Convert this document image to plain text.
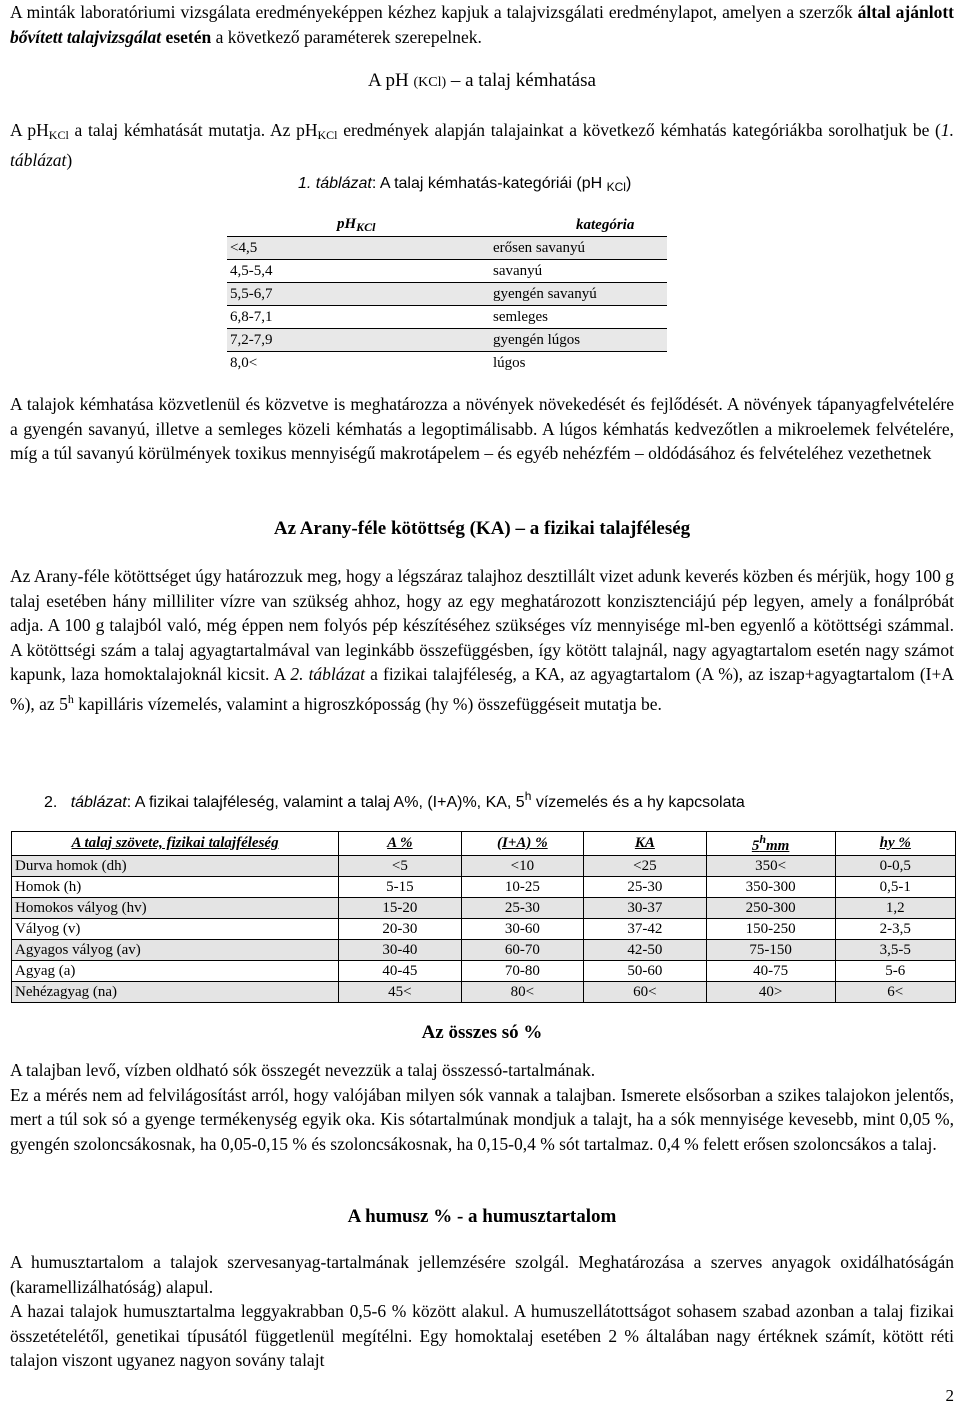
A minták laboratóriumi vizsgálata eredményeképpen kézhez kapjuk a talajvizsgálati eredménylapot, amelyen a szerzők által ajánlott bővített talajvizsgálat esetén a következő paraméterek szerepelnek.

A pH (KCl) – a talaj kémhatása

A $pH_{KCl}$ a talaj kémhatását mutatja. Az $pH_{KCl}$ eredmények alapján talajainkat a következő kémhatás kategóriákba sorolhatjuk be (1. táblázat)

1. táblázat: A talaj kémhatás-kategóriái (pH $_{KCl}$)
$pH_{KCl}$	kategória
<4,5	erősen savanyú
4,5-5,4	savanyú
5,5-6,7	gyengén savanyú
6,8-7,1	semleges
7,2-7,9	gyengén lúgos
8,0<	lúgos

A talajok kémhatása közvetlenül és közvetve is meghatározza a növények növekedését és fejlődését. A növények tápanyagfelvételére a gyengén savanyú, illetve a semleges közeli kémhatás a legoptimálisabb. A lúgos kémhatás kedvezőtlen a mikroelemek felvételére, míg a túl savanyú körülmények toxikus mennyiségű makrotápelem – és egyéb nehézfém – oldódásához és felvételéhez vezethetnek

Az Arany-féle kötöttség (KA) – a fizikai talajféleség

Az Arany-féle kötöttséget úgy határozzuk meg, hogy a légszáraz talajhoz desztillált vizet adunk keverés közben és mérjük, hogy 100 g talaj esetében hány milliliter vízre van szükség ahhoz, hogy az egy meghatározott konzisztenciájú pép legyen, amely a fonálpróbát adja. A 100 g talajból való, még éppen nem folyós pép készítéséhez szükséges víz mennyisége ml-ben egyenlő a kötöttségi számmal. A kötöttségi szám a talaj agyagtartalmával van leginkább összefüggésben, így kötött talajnál, nagy agyagtartalom esetén nagy számot kapunk, laza homoktalajoknál kicsit. A 2. táblázat a fizikai talajféleség, a KA, az agyagtartalom (A %), az iszap+agyagtartalom (I+A %), az 5$^h$ kapilláris vízemelés, valamint a higroszkóposság (hy %) összefüggéseit mutatja be.

2. táblázat: A fizikai talajféleség, valamint a talaj A%, (I+A)%, KA, 5$^h$ vízemelés és a hy kapcsolata
A talaj szövete, fizikai talajféleség	A %	(I+A) %	KA	5$^h$mm	hy %
Durva homok (dh)	<5	<10	<25	350<	0-0,5
Homok (h)	5-15	10-25	25-30	350-300	0,5-1
Homokos vályog (hv)	15-20	25-30	30-37	250-300	1,2
Vályog (v)	20-30	30-60	37-42	150-250	2-3,5
Agyagos vályog (av)	30-40	60-70	42-50	75-150	3,5-5
Agyag (a)	40-45	70-80	50-60	40-75	5-6
Nehézagyag (na)	45<	80<	60<	40>	6<
Az összes só %

A talajban levő, vízben oldható sók összegét nevezzük a talaj összessó-tartalmának.

Ez a mérés nem ad felvilágosítást arról, hogy valójában milyen sók vannak a talajban. Ismerete elsősorban a szikes talajokon jelentős, mert a túl sok só a gyenge termékenység egyik oka. Kis sótartalmúnak mondjuk a talajt, ha a sók mennyisége kevesebb, mint 0,05 %, gyengén szoloncsákosnak, ha 0,05-0,15 % és szoloncsákosnak, ha 0,15-0,4 % sót tartalmaz. 0,4 % felett erősen szoloncsákos a talaj.

A humusz % - a humusztartalom

A humusztartalom a talajok szervesanyag-tartalmának jellemzésére szolgál. Meghatározása a szerves anyagok oxidálhatóságán (karamellizálhatóság) alapul.

A hazai talajok humusztartalma leggyakrabban 0,5-6 % között alakul. A humuszellátottságot sohasem szabad azonban a talaj fizikai összetételétől, genetikai típusától függetlenül megítélni. Egy homoktalaj esetében 2 % általában nagy értéknek számít, kötött réti talajon viszont ugyanez nagyon sovány talajt

2
